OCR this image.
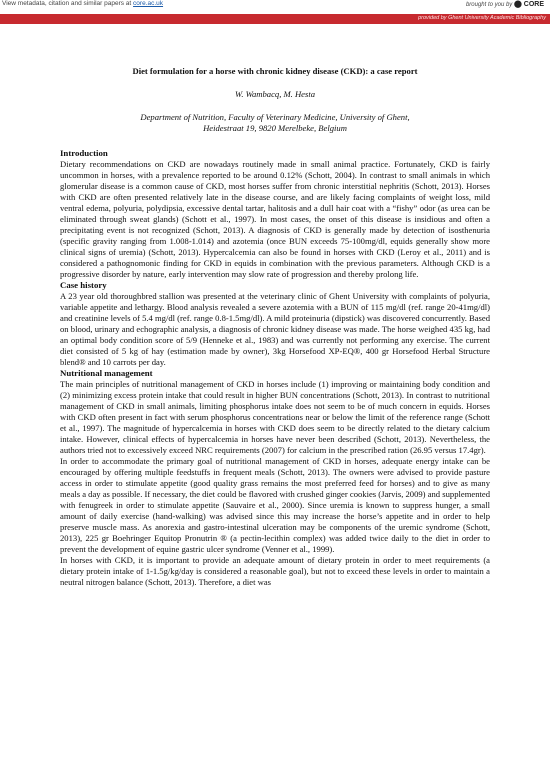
View metadata, citation and similar papers at core.ac.uk	brought to you by ⬤ CORE
provided by Ghent University Academic Bibliography
Diet formulation for a horse with chronic kidney disease (CKD): a case report
W. Wambacq, M. Hesta
Department of Nutrition, Faculty of Veterinary Medicine, University of Ghent,
Heidestraat 19, 9820 Merelbeke, Belgium
Introduction

Dietary recommendations on CKD are nowadays routinely made in small animal practice. Fortunately, CKD is fairly uncommon in horses, with a prevalence reported to be around 0.12% (Schott, 2004). In contrast to small animals in which glomerular disease is a common cause of CKD, most horses suffer from chronic interstitial nephritis (Schott, 2013). Horses with CKD are often presented relatively late in the disease course, and are likely facing complaints of weight loss, mild ventral edema, polyuria, polydipsia, excessive dental tartar, halitosis and a dull hair coat with a “fishy” odor (as urea can be eliminated through sweat glands) (Schott et al., 1997). In most cases, the onset of this disease is insidious and often a precipitating event is not recognized (Schott, 2013). A diagnosis of CKD is generally made by detection of isosthenuria (specific gravity ranging from 1.008-1.014) and azotemia (once BUN exceeds 75-100mg/dl, equids generally show more clinical signs of uremia) (Schott, 2013). Hypercalcemia can also be found in horses with CKD (Leroy et al., 2011) and is considered a pathognomonic finding for CKD in equids in combination with the previous parameters. Although CKD is a progressive disorder by nature, early intervention may slow rate of progression and thereby prolong life.

Case history

A 23 year old thoroughbred stallion was presented at the veterinary clinic of Ghent University with complaints of polyuria, variable appetite and lethargy. Blood analysis revealed a severe azotemia with a BUN of 115 mg/dl (ref. range 20-41mg/dl) and creatinine levels of 5.4 mg/dl (ref. range 0.8-1.5mg/dl). A mild proteinuria (dipstick) was discovered concurrently. Based on blood, urinary and echographic analysis, a diagnosis of chronic kidney disease was made. The horse weighed 435 kg, had an optimal body condition score of 5/9 (Henneke et al., 1983) and was currently not performing any exercise. The current diet consisted of 5 kg of hay (estimation made by owner), 3kg Horsefood XP-EQ®, 400 gr Horsefood Herbal Structure blend® and 10 carrots per day.

Nutritional management

The main principles of nutritional management of CKD in horses include (1) improving or maintaining body condition and (2) minimizing excess protein intake that could result in higher BUN concentrations (Schott, 2013). In contrast to nutritional management of CKD in small animals, limiting phosphorus intake does not seem to be of much concern in equids. Horses with CKD often present in fact with serum phosphorus concentrations near or below the limit of the reference range (Schott et al., 1997). The magnitude of hypercalcemia in horses with CKD does seem to be directly related to the dietary calcium intake. However, clinical effects of hypercalcemia in horses have never been described (Schott, 2013). Nevertheless, the authors tried not to excessively exceed NRC requirements (2007) for calcium in the prescribed ration (26.95 versus 17.4gr).

In order to accommodate the primary goal of nutritional management of CKD in horses, adequate energy intake can be encouraged by offering multiple feedstuffs in frequent meals (Schott, 2013). The owners were advised to provide pasture access in order to stimulate appetite (good quality grass remains the most preferred feed for horses) and to give as many meals a day as possible. If necessary, the diet could be flavored with crushed ginger cookies (Jarvis, 2009) and supplemented with fenugreek in order to stimulate appetite (Sauvaire et al., 2000). Since uremia is known to suppress hunger, a small amount of daily exercise (hand-walking) was advised since this may increase the horse’s appetite and in order to help preserve muscle mass. As anorexia and gastro-intestinal ulceration may be components of the uremic syndrome (Schott, 2013), 225 gr Boehringer Equitop Pronutrin ® (a pectin-lecithin complex) was added twice daily to the diet in order to prevent the development of equine gastric ulcer syndrome (Venner et al., 1999).

In horses with CKD, it is important to provide an adequate amount of dietary protein in order to meet requirements (a dietary protein intake of 1-1.5g/kg/day is considered a reasonable goal), but not to exceed these levels in order to maintain a neutral nitrogen balance (Schott, 2013). Therefore, a diet was
